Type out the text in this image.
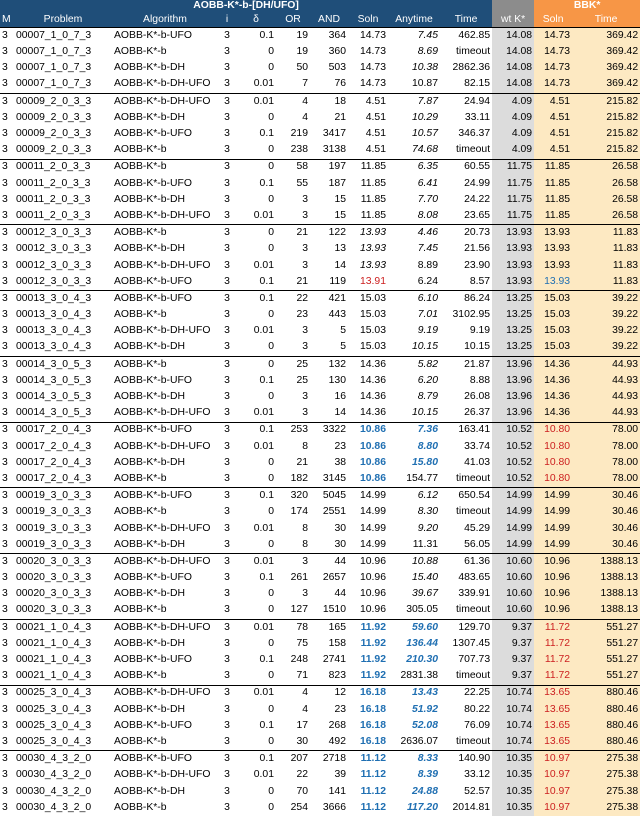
AOBB-K*-b-[DH/UFO]											BBK*	
M	Problem	Algorithm	i	δ	OR	AND	Soln	Anytime	Time	wt K*	Soln	Time
3	00007_1_0_7_3	AOBB-K*-b-UFO	3	0.1	19	364	14.73	7.45	462.85	14.08	14.73	369.42
3	00007_1_0_7_3	AOBB-K*-b	3	0	19	360	14.73	8.69	timeout	14.08	14.73	369.42
3	00007_1_0_7_3	AOBB-K*-b-DH	3	0	50	503	14.73	10.38	2862.36	14.08	14.73	369.42
3	00007_1_0_7_3	AOBB-K*-b-DH-UFO	3	0.01	7	76	14.73	10.87	82.15	14.08	14.73	369.42
3	00009_2_0_3_3	AOBB-K*-b-DH-UFO	3	0.01	4	18	4.51	7.87	24.94	4.09	4.51	215.82
3	00009_2_0_3_3	AOBB-K*-b-DH	3	0	4	21	4.51	10.29	33.11	4.09	4.51	215.82
3	00009_2_0_3_3	AOBB-K*-b-UFO	3	0.1	219	3417	4.51	10.57	346.37	4.09	4.51	215.82
3	00009_2_0_3_3	AOBB-K*-b	3	0	238	3138	4.51	74.68	timeout	4.09	4.51	215.82
3	00011_2_0_3_3	AOBB-K*-b	3	0	58	197	11.85	6.35	60.55	11.75	11.85	26.58
3	00011_2_0_3_3	AOBB-K*-b-UFO	3	0.1	55	187	11.85	6.41	24.99	11.75	11.85	26.58
3	00011_2_0_3_3	AOBB-K*-b-DH	3	0	3	15	11.85	7.70	24.22	11.75	11.85	26.58
3	00011_2_0_3_3	AOBB-K*-b-DH-UFO	3	0.01	3	15	11.85	8.08	23.65	11.75	11.85	26.58
3	00012_3_0_3_3	AOBB-K*-b	3	0	21	122	13.93	4.46	20.73	13.93	13.93	11.83
3	00012_3_0_3_3	AOBB-K*-b-DH	3	0	3	13	13.93	7.45	21.56	13.93	13.93	11.83
3	00012_3_0_3_3	AOBB-K*-b-DH-UFO	3	0.01	3	14	13.93	8.89	23.90	13.93	13.93	11.83
3	00012_3_0_3_3	AOBB-K*-b-UFO	3	0.1	21	119	13.91	6.24	8.57	13.93	13.93	11.83
3	00013_3_0_4_3	AOBB-K*-b-UFO	3	0.1	22	421	15.03	6.10	86.24	13.25	15.03	39.22
3	00013_3_0_4_3	AOBB-K*-b	3	0	23	443	15.03	7.01	3102.95	13.25	15.03	39.22
3	00013_3_0_4_3	AOBB-K*-b-DH-UFO	3	0.01	3	5	15.03	9.19	9.19	13.25	15.03	39.22
3	00013_3_0_4_3	AOBB-K*-b-DH	3	0	3	5	15.03	10.15	10.15	13.25	15.03	39.22
3	00014_3_0_5_3	AOBB-K*-b	3	0	25	132	14.36	5.82	21.87	13.96	14.36	44.93
3	00014_3_0_5_3	AOBB-K*-b-UFO	3	0.1	25	130	14.36	6.20	8.88	13.96	14.36	44.93
3	00014_3_0_5_3	AOBB-K*-b-DH	3	0	3	16	14.36	8.79	26.08	13.96	14.36	44.93
3	00014_3_0_5_3	AOBB-K*-b-DH-UFO	3	0.01	3	14	14.36	10.15	26.37	13.96	14.36	44.93
3	00017_2_0_4_3	AOBB-K*-b-UFO	3	0.1	253	3322	10.86	7.36	163.41	10.52	10.80	78.00
3	00017_2_0_4_3	AOBB-K*-b-DH-UFO	3	0.01	8	23	10.86	8.80	33.74	10.52	10.80	78.00
3	00017_2_0_4_3	AOBB-K*-b-DH	3	0	21	38	10.86	15.80	41.03	10.52	10.80	78.00
3	00017_2_0_4_3	AOBB-K*-b	3	0	182	3145	10.86	154.77	timeout	10.52	10.80	78.00
3	00019_3_0_3_3	AOBB-K*-b-UFO	3	0.1	320	5045	14.99	6.12	650.54	14.99	14.99	30.46
3	00019_3_0_3_3	AOBB-K*-b	3	0	174	2551	14.99	8.30	timeout	14.99	14.99	30.46
3	00019_3_0_3_3	AOBB-K*-b-DH-UFO	3	0.01	8	30	14.99	9.20	45.29	14.99	14.99	30.46
3	00019_3_0_3_3	AOBB-K*-b-DH	3	0	8	30	14.99	11.31	56.05	14.99	14.99	30.46
3	00020_3_0_3_3	AOBB-K*-b-DH-UFO	3	0.01	3	44	10.96	10.88	61.36	10.60	10.96	1388.13
3	00020_3_0_3_3	AOBB-K*-b-UFO	3	0.1	261	2657	10.96	15.40	483.65	10.60	10.96	1388.13
3	00020_3_0_3_3	AOBB-K*-b-DH	3	0	3	44	10.96	39.67	339.91	10.60	10.96	1388.13
3	00020_3_0_3_3	AOBB-K*-b	3	0	127	1510	10.96	305.05	timeout	10.60	10.96	1388.13
3	00021_1_0_4_3	AOBB-K*-b-DH-UFO	3	0.01	78	165	11.92	59.60	129.70	9.37	11.72	551.27
3	00021_1_0_4_3	AOBB-K*-b-DH	3	0	75	158	11.92	136.44	1307.45	9.37	11.72	551.27
3	00021_1_0_4_3	AOBB-K*-b-UFO	3	0.1	248	2741	11.92	210.30	707.73	9.37	11.72	551.27
3	00021_1_0_4_3	AOBB-K*-b	3	0	71	823	11.92	2831.38	timeout	9.37	11.72	551.27
3	00025_3_0_4_3	AOBB-K*-b-DH-UFO	3	0.01	4	12	16.18	13.43	22.25	10.74	13.65	880.46
3	00025_3_0_4_3	AOBB-K*-b-DH	3	0	4	23	16.18	51.92	80.22	10.74	13.65	880.46
3	00025_3_0_4_3	AOBB-K*-b-UFO	3	0.1	17	268	16.18	52.08	76.09	10.74	13.65	880.46
3	00025_3_0_4_3	AOBB-K*-b	3	0	30	492	16.18	2636.07	timeout	10.74	13.65	880.46
3	00030_4_3_2_0	AOBB-K*-b-UFO	3	0.1	207	2718	11.12	8.33	140.90	10.35	10.97	275.38
3	00030_4_3_2_0	AOBB-K*-b-DH-UFO	3	0.01	22	39	11.12	8.39	33.12	10.35	10.97	275.38
3	00030_4_3_2_0	AOBB-K*-b-DH	3	0	70	141	11.12	24.88	52.57	10.35	10.97	275.38
3	00030_4_3_2_0	AOBB-K*-b	3	0	254	3666	11.12	117.20	2014.81	10.35	10.97	275.38
